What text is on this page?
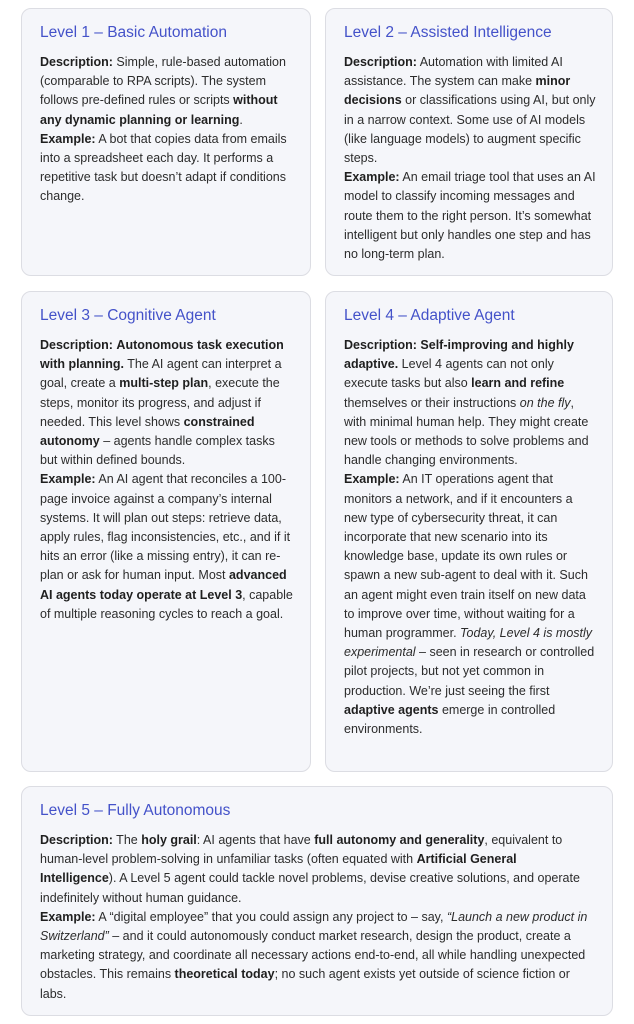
Level 1 – Basic Automation

Description: Simple, rule-based automation (comparable to RPA scripts). The system follows pre-defined rules or scripts without any dynamic planning or learning.

Example: A bot that copies data from emails into a spreadsheet each day. It performs a repetitive task but doesn’t adapt if conditions change.

Level 2 – Assisted Intelligence

Description: Automation with limited AI assistance. The system can make minor decisions or classifications using AI, but only in a narrow context. Some use of AI models (like language models) to augment specific steps.

Example: An email triage tool that uses an AI model to classify incoming messages and route them to the right person. It’s somewhat intelligent but only handles one step and has no long-term plan.

Level 3 – Cognitive Agent

Description: Autonomous task execution with planning. The AI agent can interpret a goal, create a multi-step plan, execute the steps, monitor its progress, and adjust if needed. This level shows constrained autonomy – agents handle complex tasks but within defined bounds.

Example: An AI agent that reconciles a 100-page invoice against a company’s internal systems. It will plan out steps: retrieve data, apply rules, flag inconsistencies, etc., and if it hits an error (like a missing entry), it can re-plan or ask for human input. Most advanced AI agents today operate at Level 3, capable of multiple reasoning cycles to reach a goal.

Level 4 – Adaptive Agent

Description: Self-improving and highly adaptive. Level 4 agents can not only execute tasks but also learn and refine themselves or their instructions on the fly, with minimal human help. They might create new tools or methods to solve problems and handle changing environments.

Example: An IT operations agent that monitors a network, and if it encounters a new type of cybersecurity threat, it can incorporate that new scenario into its knowledge base, update its own rules or spawn a new sub-agent to deal with it. Such an agent might even train itself on new data to improve over time, without waiting for a human programmer. Today, Level 4 is mostly experimental – seen in research or controlled pilot projects, but not yet common in production. We’re just seeing the first adaptive agents emerge in controlled environments.

Level 5 – Fully Autonomous

Description: The holy grail: AI agents that have full autonomy and generality, equivalent to human-level problem-solving in unfamiliar tasks (often equated with Artificial General Intelligence). A Level 5 agent could tackle novel problems, devise creative solutions, and operate indefinitely without human guidance.

Example: A “digital employee” that you could assign any project to – say, “Launch a new product in Switzerland” – and it could autonomously conduct market research, design the product, create a marketing strategy, and coordinate all necessary actions end-to-end, all while handling unexpected obstacles. This remains theoretical today; no such agent exists yet outside of science fiction or labs.
